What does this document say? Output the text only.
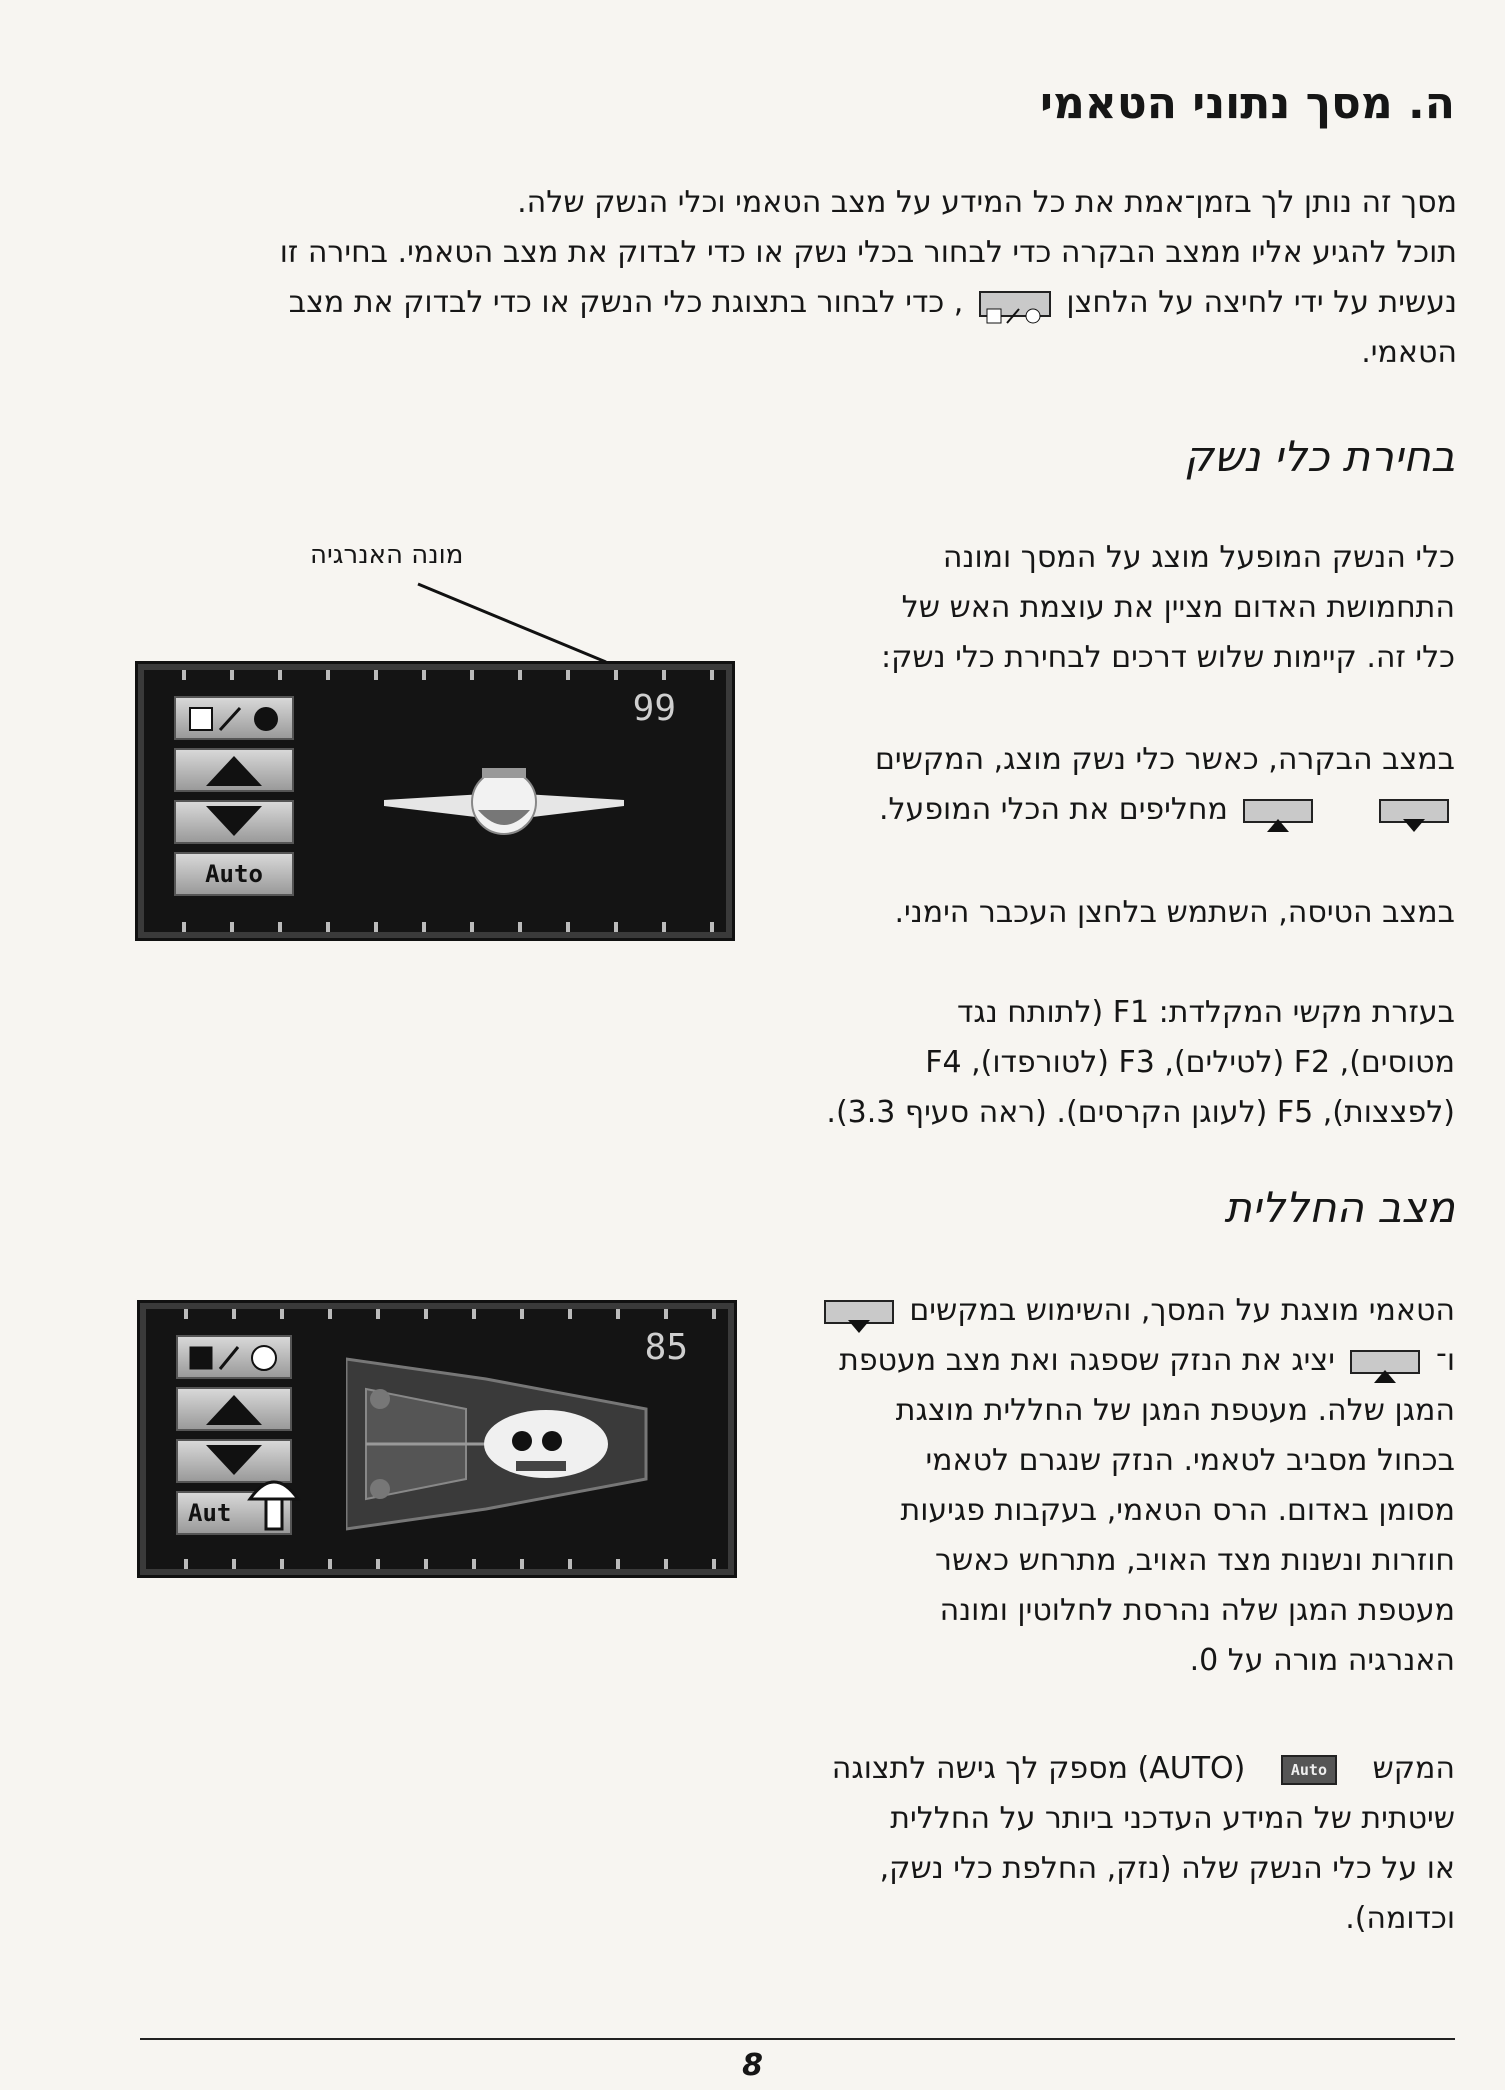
ה. מסך נתוני הטאמי
מסך זה נותן לך בזמן־אמת את כל המידע על מצב הטאמי וכלי הנשק שלה.
תוכל להגיע אליו ממצב הבקרה כדי לבחור בכלי נשק או כדי לבדוק את מצב הטאמי. בחירה זו
נעשית על ידי לחיצה על הלחצן  , כדי לבחור בתצוגת כלי הנשק או כדי לבדוק את מצב
הטאמי.
בחירת כלי נשק
כלי הנשק המופעל מוצג על המסך ומונה
התחמושת האדום מציין את עוצמת האש של
כלי זה. קיימות שלוש דרכים לבחירת כלי נשק:
במצב הבקרה, כאשר כלי נשק מוצג, המקשים
מחליפים את הכלי המופעל.
במצב הטיסה, השתמש בלחצן העכבר הימני.
בעזרת מקשי המקלדת: F1 (לתותח נגד
מטוסים), F2 (לטילים), F3 (לטורפדו), F4
(לפצצות), F5 (לעוגן הקרסים). (ראה סעיף 3.3).
מונה האנרגיה
Auto
99
מצב החללית
הטאמי מוצגת על המסך, והשימוש במקשים
ו־  יציג את הנזק שספגה ואת מצב מעטפת
המגן שלה. מעטפת המגן של החללית מוצגת
בכחול מסביב לטאמי. הנזק שנגרם לטאמי
מסומן באדום. הרס הטאמי, בעקבות פגיעות
חוזרות ונשנות מצד האויב, מתרחש כאשר
מעטפת המגן שלה נהרסת לחלוטין ומונה
האנרגיה מורה על 0.
המקש Auto (AUTO) מספק לך גישה לתצוגה
שיטתית של המידע העדכני ביותר על החללית
או על כלי הנשק שלה (נזק, החלפת כלי נשק,
וכדומה).
Aut
85
8
